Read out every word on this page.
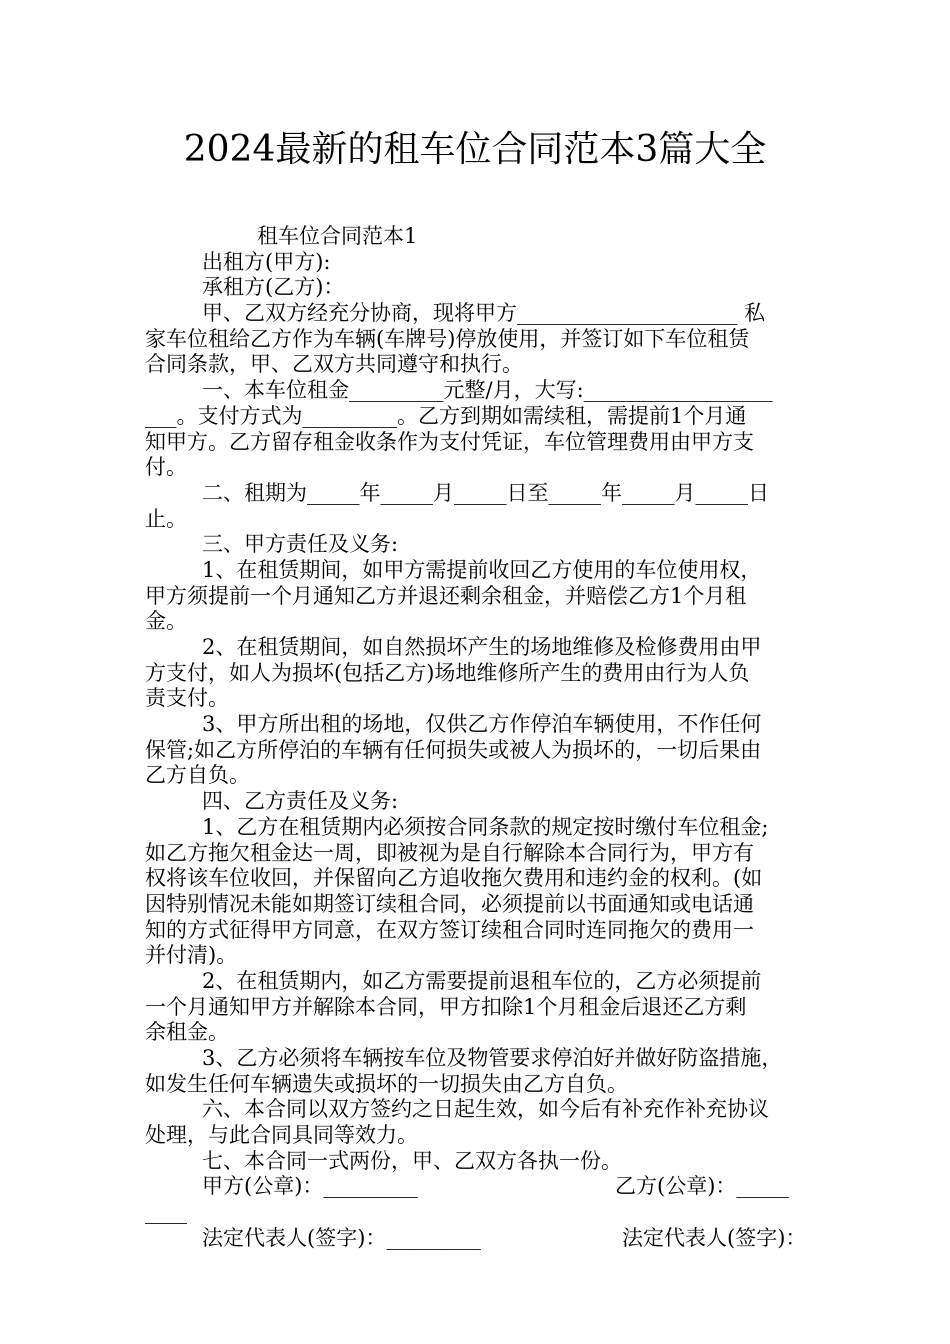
2024最新的租车位合同范本3篇大全
租车位合同范本1
出租方(甲方):
承租方(乙方)：
甲、乙双方经充分协商，现将甲方_____________________ 私
家车位租给乙方作为车辆(车牌号)停放使用，并签订如下车位租赁
合同条款，甲、乙双方共同遵守和执行。
一、本车位租金_________元整/月，大写:__________________
___。支付方式为_________。乙方到期如需续租，需提前1个月通
知甲方。乙方留存租金收条作为支付凭证，车位管理费用由甲方支
付。
二、租期为_____年_____月_____日至_____年_____月_____日
止。
三、甲方责任及义务:
1、在租赁期间，如甲方需提前收回乙方使用的车位使用权，
甲方须提前一个月通知乙方并退还剩余租金，并赔偿乙方1个月租
金。
2、在租赁期间，如自然损坏产生的场地维修及检修费用由甲
方支付，如人为损坏(包括乙方)场地维修所产生的费用由行为人负
责支付。
3、甲方所出租的场地，仅供乙方作停泊车辆使用，不作任何
保管;如乙方所停泊的车辆有任何损失或被人为损坏的，一切后果由
乙方自负。
四、乙方责任及义务:
1、乙方在租赁期内必须按合同条款的规定按时缴付车位租金;
如乙方拖欠租金达一周，即被视为是自行解除本合同行为，甲方有
权将该车位收回，并保留向乙方追收拖欠费用和违约金的权利。(如
因特别情况未能如期签订续租合同，必须提前以书面通知或电话通
知的方式征得甲方同意，在双方签订续租合同时连同拖欠的费用一
并付清)。
2、在租赁期内，如乙方需要提前退租车位的，乙方必须提前
一个月通知甲方并解除本合同，甲方扣除1个月租金后退还乙方剩
余租金。
3、乙方必须将车辆按车位及物管要求停泊好并做好防盗措施，
如发生任何车辆遗失或损坏的一切损失由乙方自负。
六、本合同以双方签约之日起生效，如今后有补充作补充协议
处理，与此合同具同等效力。
七、本合同一式两份，甲、乙双方各执一份。
甲方(公章)：_________	乙方(公章)：_____
____
法定代表人(签字)：_________	法定代表人(签字)：
